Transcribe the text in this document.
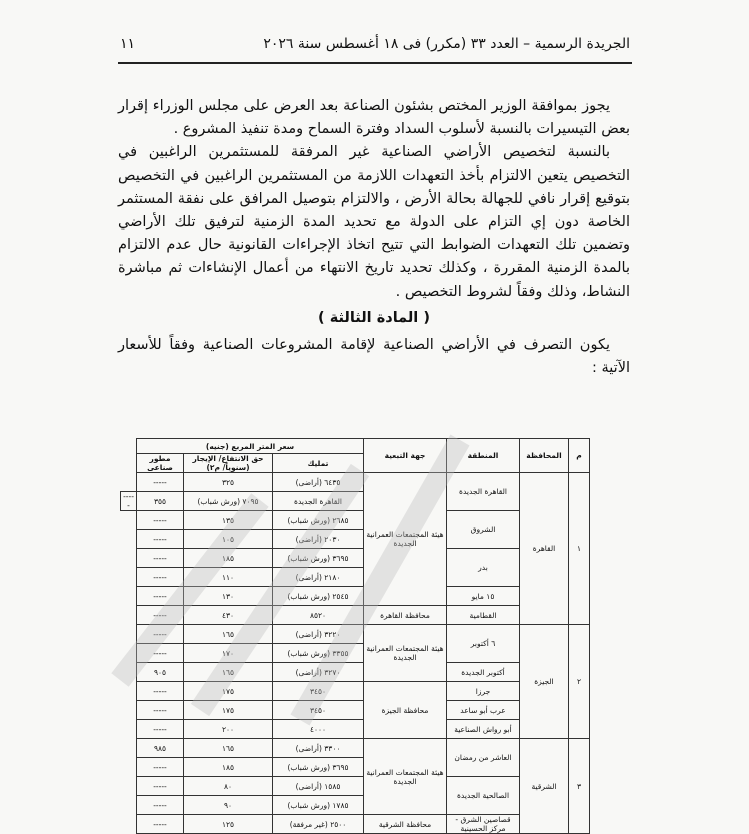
الجريدة الرسمية – العدد ٣٣ (مكرر) فى ١٨ أغسطس سنة ٢٠٢٦
١١

يجوز بموافقة الوزير المختص بشئون الصناعة بعد العرض على مجلس الوزراء إقرار بعض التيسيرات بالنسبة لأسلوب السداد وفترة السماح ومدة تنفيذ المشروع .

بالنسبة لتخصيص الأراضي الصناعية غير المرفقة للمستثمرين الراغبين في التخصيص يتعين الالتزام بأخذ التعهدات اللازمة من المستثمرين الراغبين في التخصيص بتوقيع إقرار نافي للجهالة بحالة الأرض ، والالتزام بتوصيل المرافق على نفقة المستثمر الخاصة دون إي التزام على الدولة مع تحديد المدة الزمنية لترفيق تلك الأراضي وتضمين تلك التعهدات الضوابط التي تتيح اتخاذ الإجراءات القانونية حال عدم الالتزام بالمدة الزمنية المقررة ، وكذلك تحديد تاريخ الانتهاء من أعمال الإنشاءات ثم مباشرة النشاط، وذلك وفقاً لشروط التخصيص .

( المادة الثالثة )

يكون التصرف في الأراضي الصناعية لإقامة المشروعات الصناعية وفقاً للأسعار الآتية :

م	المحافظة	المنطقة	جهة التبعية	سعر المتر المربع (جنيه)			
				تمليك	حق الانتفاع/ الإيجار (سنوياً/ م٢)	مطور صناعى	
١	القاهرة	القاهرة الجديدة	هيئة المجتمعات العمرانية الجديدة	٦٤٣٥ (أراضى)	٣٢٥	-----	
				القاهرة الجديدة	٧٠٩٥ (ورش شباب)	٣٥٥	-----
		الشروق		٢٦٨٥ (ورش شباب)	١٣٥	-----	
				٢٠٣٠ (أراضى)	١٠٥	-----	
		بدر		٣٦٩٥ (ورش شباب)	١٨٥	-----	
				٢١٨٠ (أراضى)	١١٠	-----	
		١٥ مايو		٢٥٤٥ (ورش شباب)	١٣٠	-----	
		القطامية	محافظة القاهرة	٨٥٢٠	٤٣٠	-----	
٢	الجيزة	٦ أكتوبر	هيئة المجتمعات العمرانية الجديدة	٣٢٢٠ (أراضى)	١٦٥	-----	
				٣٣٥٥ (ورش شباب)	١٧٠	-----	
		أكتوبر الجديدة		٣٢٧٠ (أراضى)	١٦٥	٩٠٥	
		جرزا	محافظة الجيزة	٣٤٥٠	١٧٥	-----	
		عرب أبو ساعد		٣٤٥٠	١٧٥	-----	
		أبو رواش الصناعية		٤٠٠٠	٢٠٠	-----	
٣	الشرقية	العاشر من رمضان	هيئة المجتمعات العمرانية الجديدة	٣٣٠٠ (أراضى)	١٦٥	٩٨٥	
				٣٦٩٥ (ورش شباب)	١٨٥	-----	
		الصالحية الجديدة		١٥٨٥ (أراضى)	٨٠	-----	
				١٧٨٥ (ورش شباب)	٩٠	-----	
		قصاصين الشرق - مركز الحسينية	محافظة الشرقية	٢٥٠٠ (غير مرفقة)	١٢٥	-----	
